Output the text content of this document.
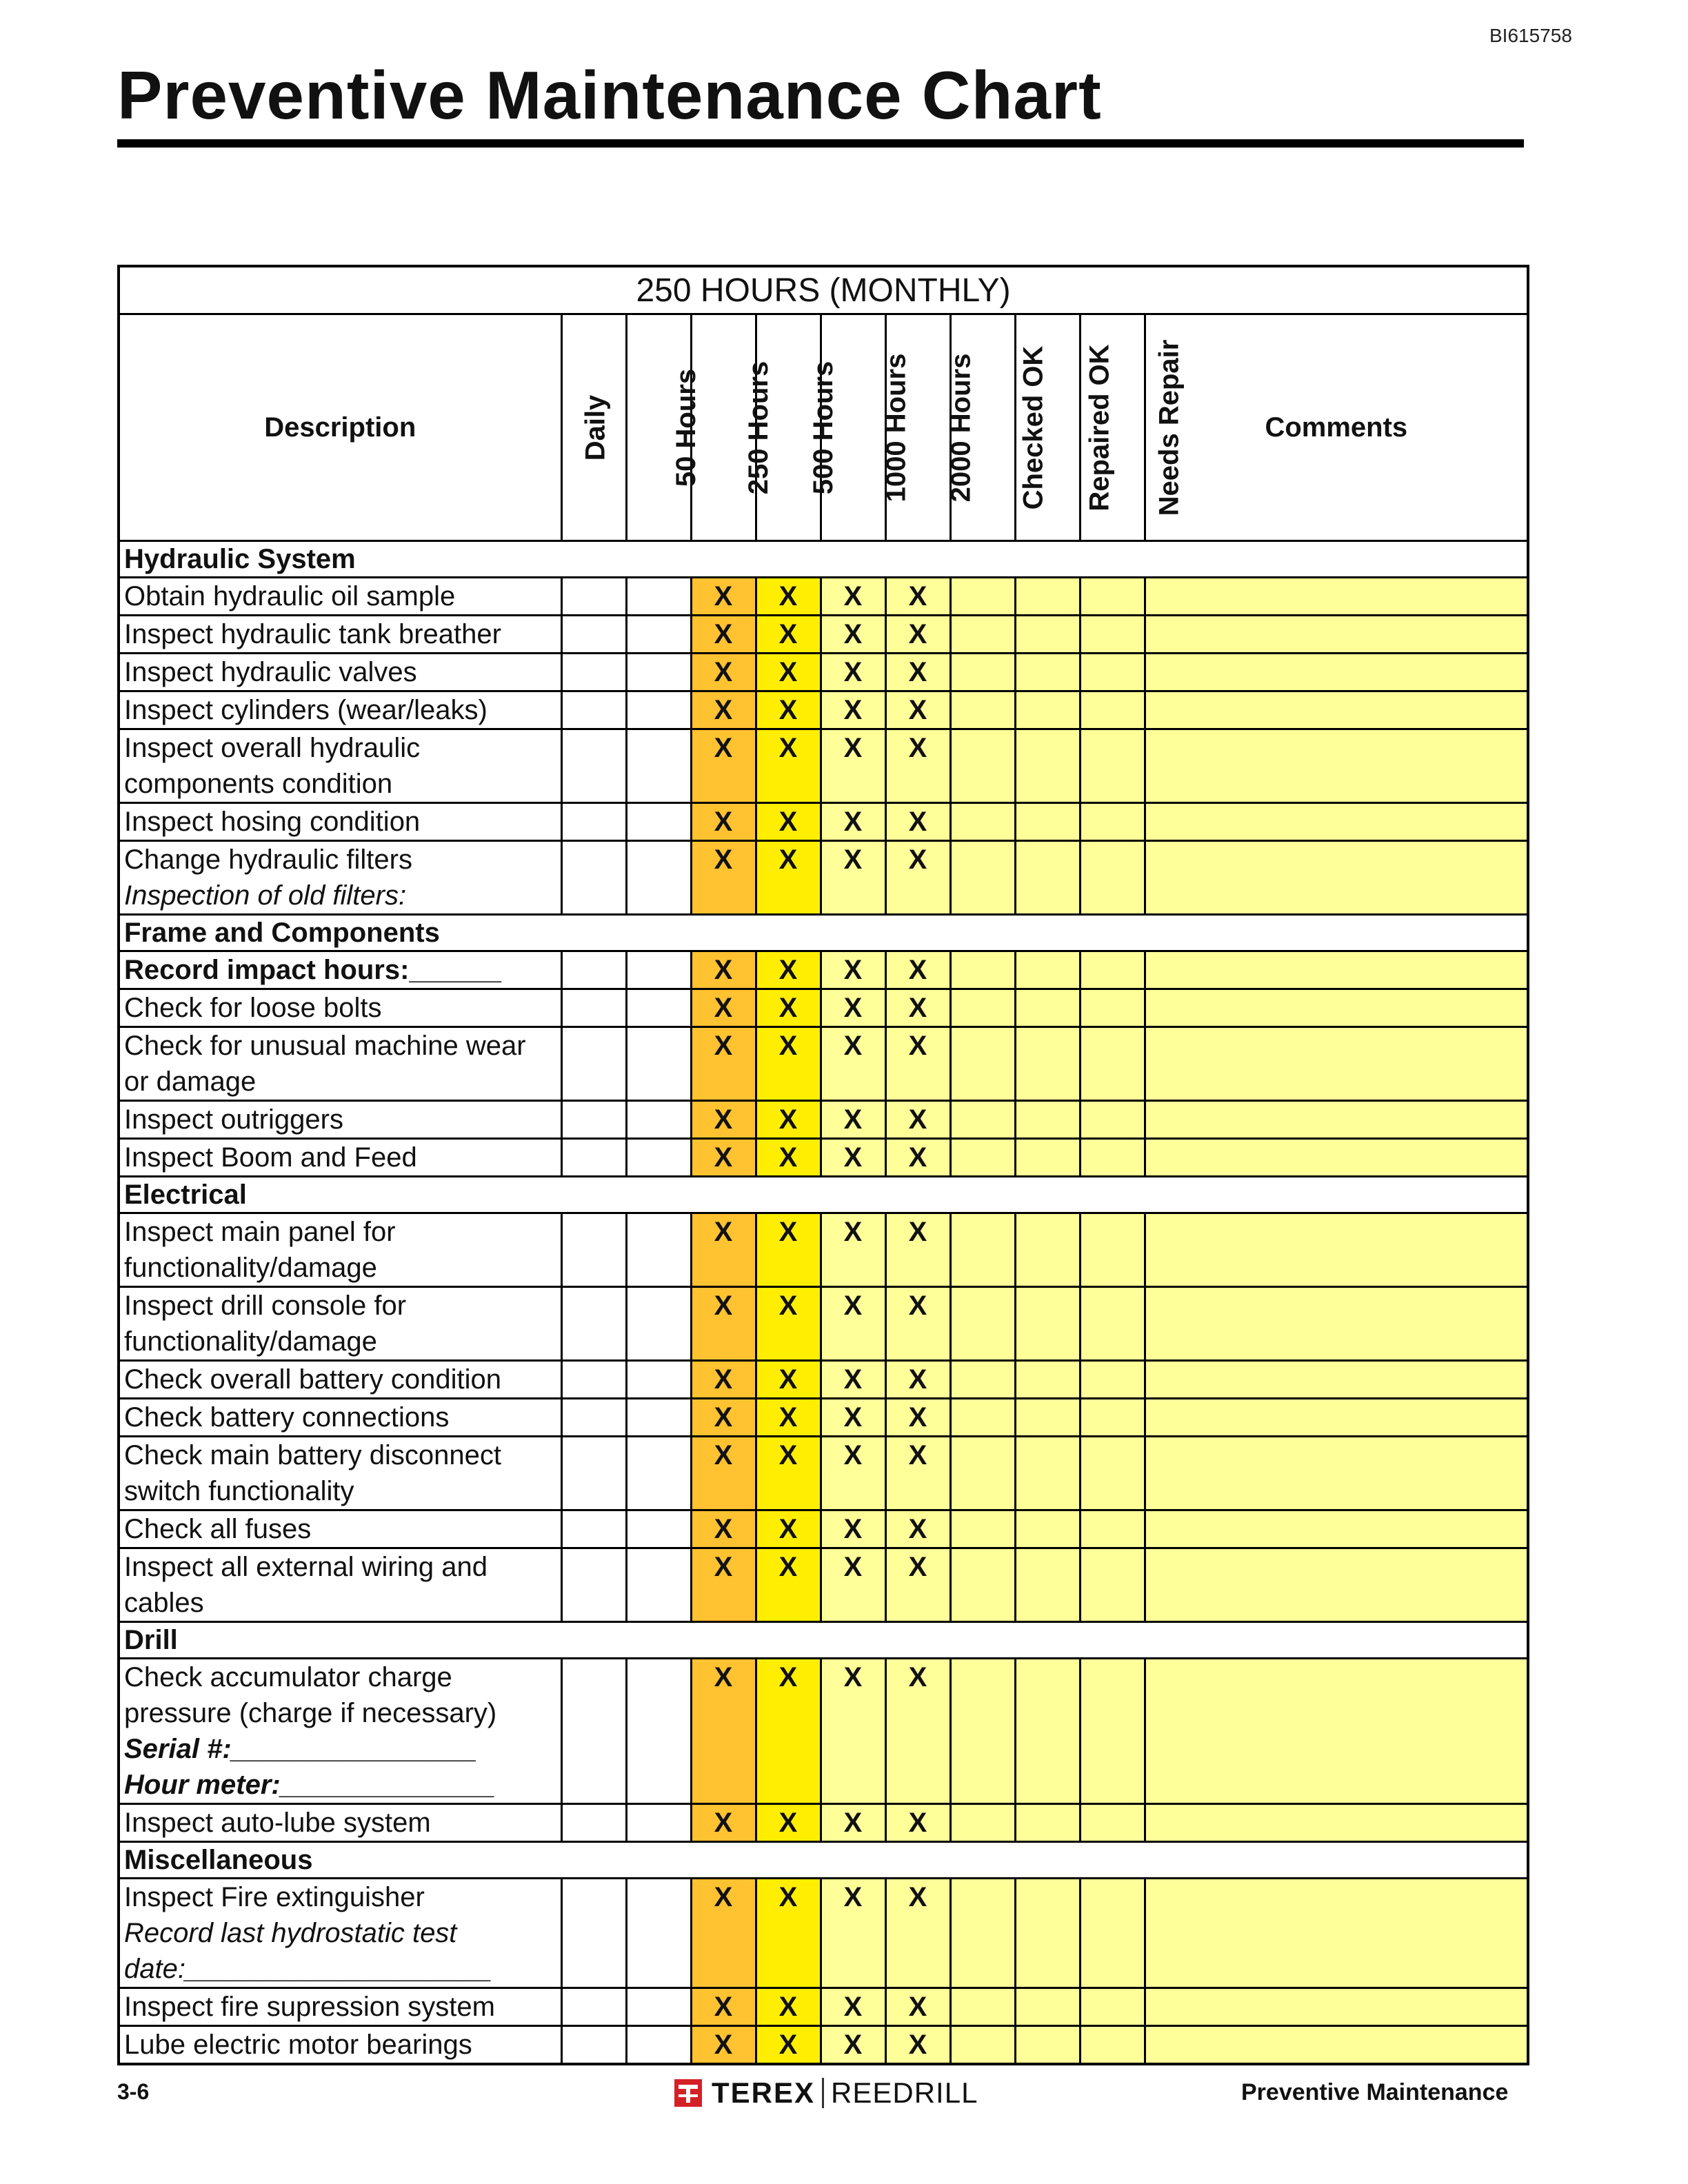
BI615758
Preventive Maintenance Chart
250 HOURS (MONTHLY)										
Description	Daily	50 Hours	250 Hours	500 Hours	1000 Hours	2000 Hours	Checked OK	Repaired OK	Needs Repair	Comments
Hydraulic System										

Obtain hydraulic oil sample			X	X	X	X				

Inspect hydraulic tank breather			X	X	X	X				

Inspect hydraulic valves			X	X	X	X				

Inspect cylinders (wear/leaks)			X	X	X	X				

Inspect overall hydraulic
components condition			X	X	X	X				

Inspect hosing condition			X	X	X	X				

Change hydraulic filters
Inspection of old filters:			X	X	X	X				
Frame and Components										

Record impact hours:______			X	X	X	X				

Check for loose bolts			X	X	X	X				

Check for unusual machine wear
or damage			X	X	X	X				

Inspect outriggers			X	X	X	X				

Inspect Boom and Feed			X	X	X	X				
Electrical										

Inspect main panel for
functionality/damage			X	X	X	X				

Inspect drill console for
functionality/damage			X	X	X	X				

Check overall battery condition			X	X	X	X				

Check battery connections			X	X	X	X				

Check main battery disconnect
switch functionality			X	X	X	X				

Check all fuses			X	X	X	X				

Inspect all external wiring and
cables			X	X	X	X				
Drill										

Check accumulator charge
pressure (charge if necessary)
Serial #:________________
Hour meter:______________			X	X	X	X				

Inspect auto-lube system			X	X	X	X				
Miscellaneous										

Inspect Fire extinguisher
Record last hydrostatic test
date:____________________			X	X	X	X				

Inspect fire supression system			X	X	X	X				

Lube electric motor bearings			X	X	X	X				
3-6	TEREX REEDRILL	Preventive Maintenance
